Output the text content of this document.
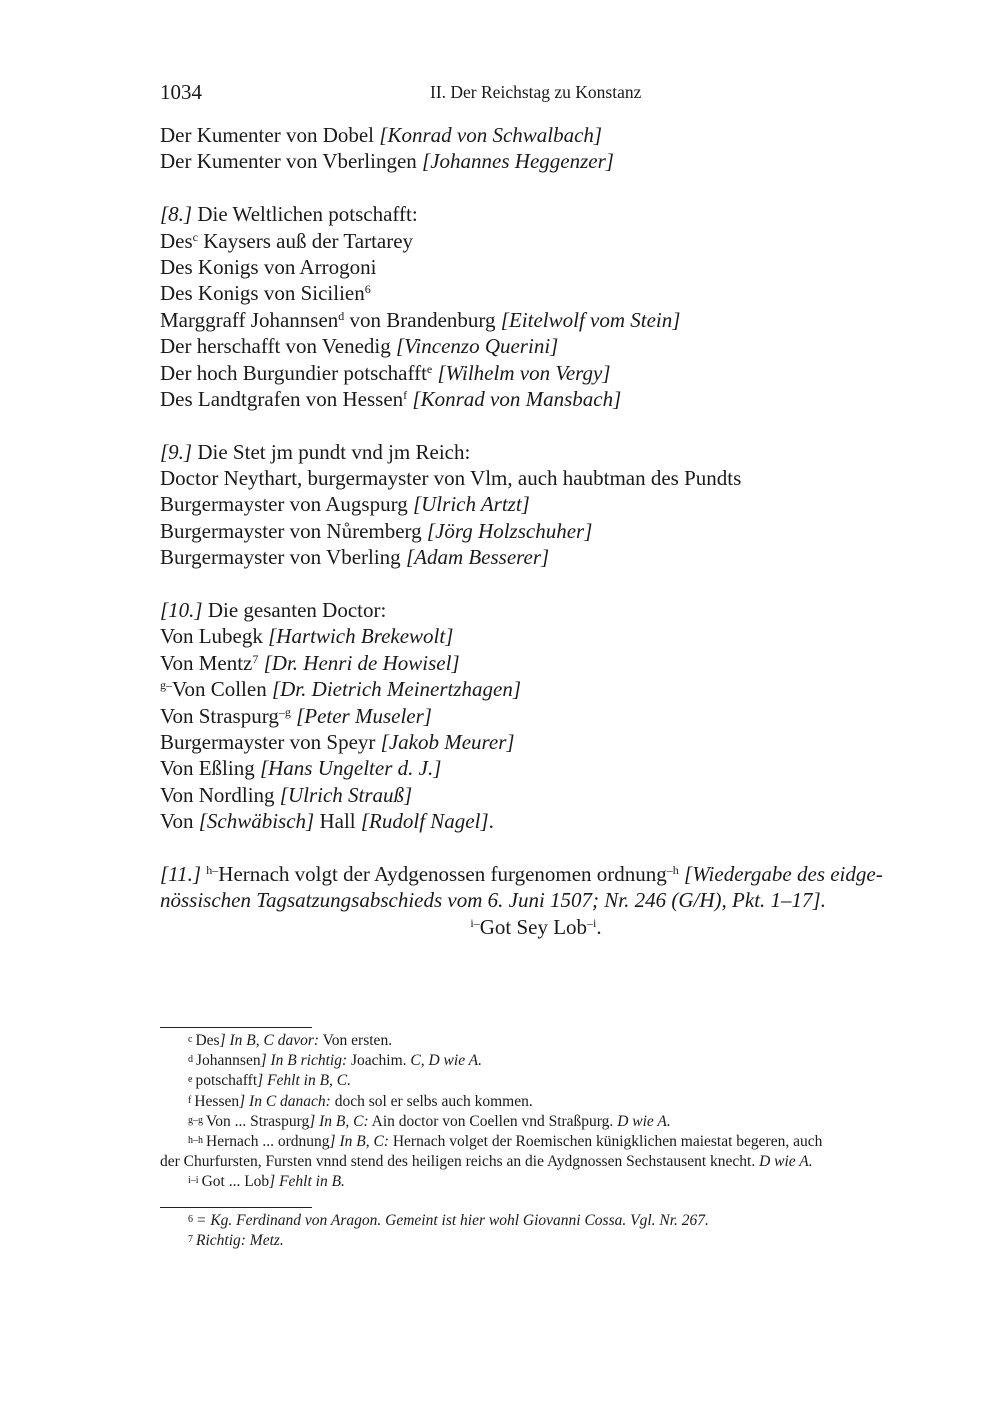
1034	II. Der Reichstag zu Konstanz
Der Kumenter von Dobel [Konrad von Schwalbach]
Der Kumenter von Vberlingen [Johannes Heggenzer]
[8.] Die Weltlichen potschafft:
Des$^c$ Kaysers auß der Tartarey
Des Konigs von Arrogoni
Des Konigs von Sicilien$^6$
Marggraff Johannsen$^d$ von Brandenburg [Eitelwolf vom Stein]
Der herschafft von Venedig [Vincenzo Querini]
Der hoch Burgundier potschafft$^e$ [Wilhelm von Vergy]
Des Landtgrafen von Hessen$^f$ [Konrad von Mansbach]
[9.] Die Stet jm pundt vnd jm Reich:
Doctor Neythart, burgermayster von Vlm, auch haubtman des Pundts
Burgermayster von Augspurg [Ulrich Artzt]
Burgermayster von Nůremberg [Jörg Holzschuher]
Burgermayster von Vberling [Adam Besserer]
[10.] Die gesanten Doctor:
Von Lubegk [Hartwich Brekewolt]
Von Mentz$^7$ [Dr. Henri de Howisel]
$^{g-}$Von Collen [Dr. Dietrich Meinertzhagen]
Von Straspurg$^{-g}$ [Peter Museler]
Burgermayster von Speyr [Jakob Meurer]
Von Eßling [Hans Ungelter d. J.]
Von Nordling [Ulrich Strauß]
Von [Schwäbisch] Hall [Rudolf Nagel].
[11.] $^{h-}$Hernach volgt der Aydgenossen furgenomen ordnung$^{-h}$ [Wiedergabe des eidge-
nössischen Tagsatzungsabschieds vom 6. Juni 1507; Nr. 246 (G/H), Pkt. 1–17].
$^{i-}$Got Sey Lob$^{-i}$.
c Des] In B, C davor: Von ersten.
d Johannsen] In B richtig: Joachim. C, D wie A.
e potschafft] Fehlt in B, C.
f Hessen] In C danach: doch sol er selbs auch kommen.
g–g Von ... Straspurg] In B, C: Ain doctor von Coellen vnd Straßpurg. D wie A.
h–h Hernach ... ordnung] In B, C: Hernach volget der Roemischen künigklichen maiestat begeren, auch
der Churfursten, Fursten vnnd stend des heiligen reichs an die Aydgnossen Sechstausent knecht. D wie A.
i–i Got ... Lob] Fehlt in B.
6 = Kg. Ferdinand von Aragon. Gemeint ist hier wohl Giovanni Cossa. Vgl. Nr. 267.
7 Richtig: Metz.
